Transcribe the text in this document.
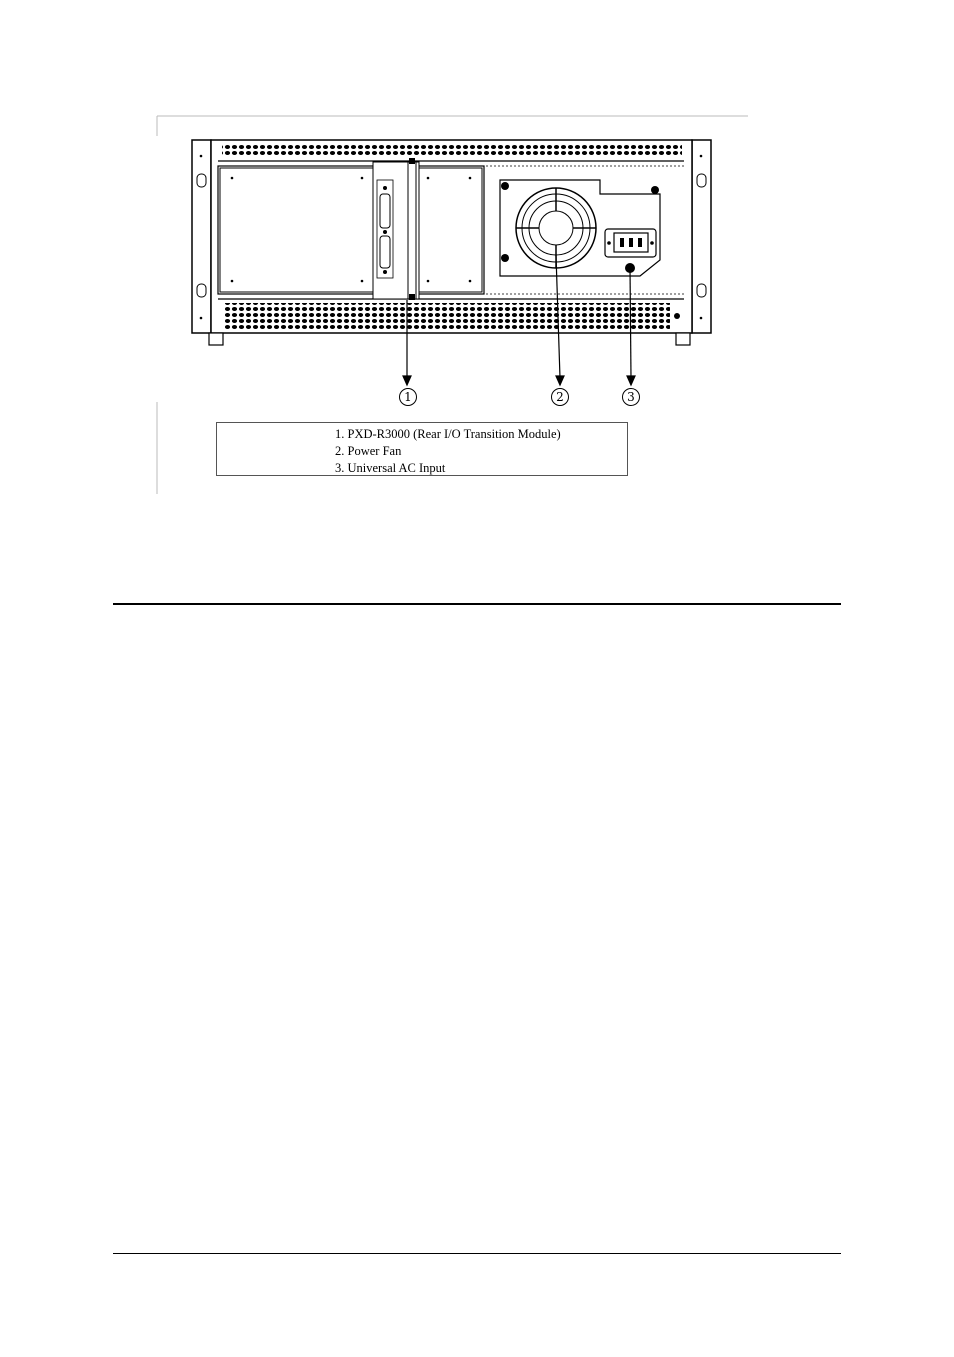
1	2	3
1. PXD-R3000 (Rear I/O Transition Module)
2. Power Fan
3. Universal AC Input
